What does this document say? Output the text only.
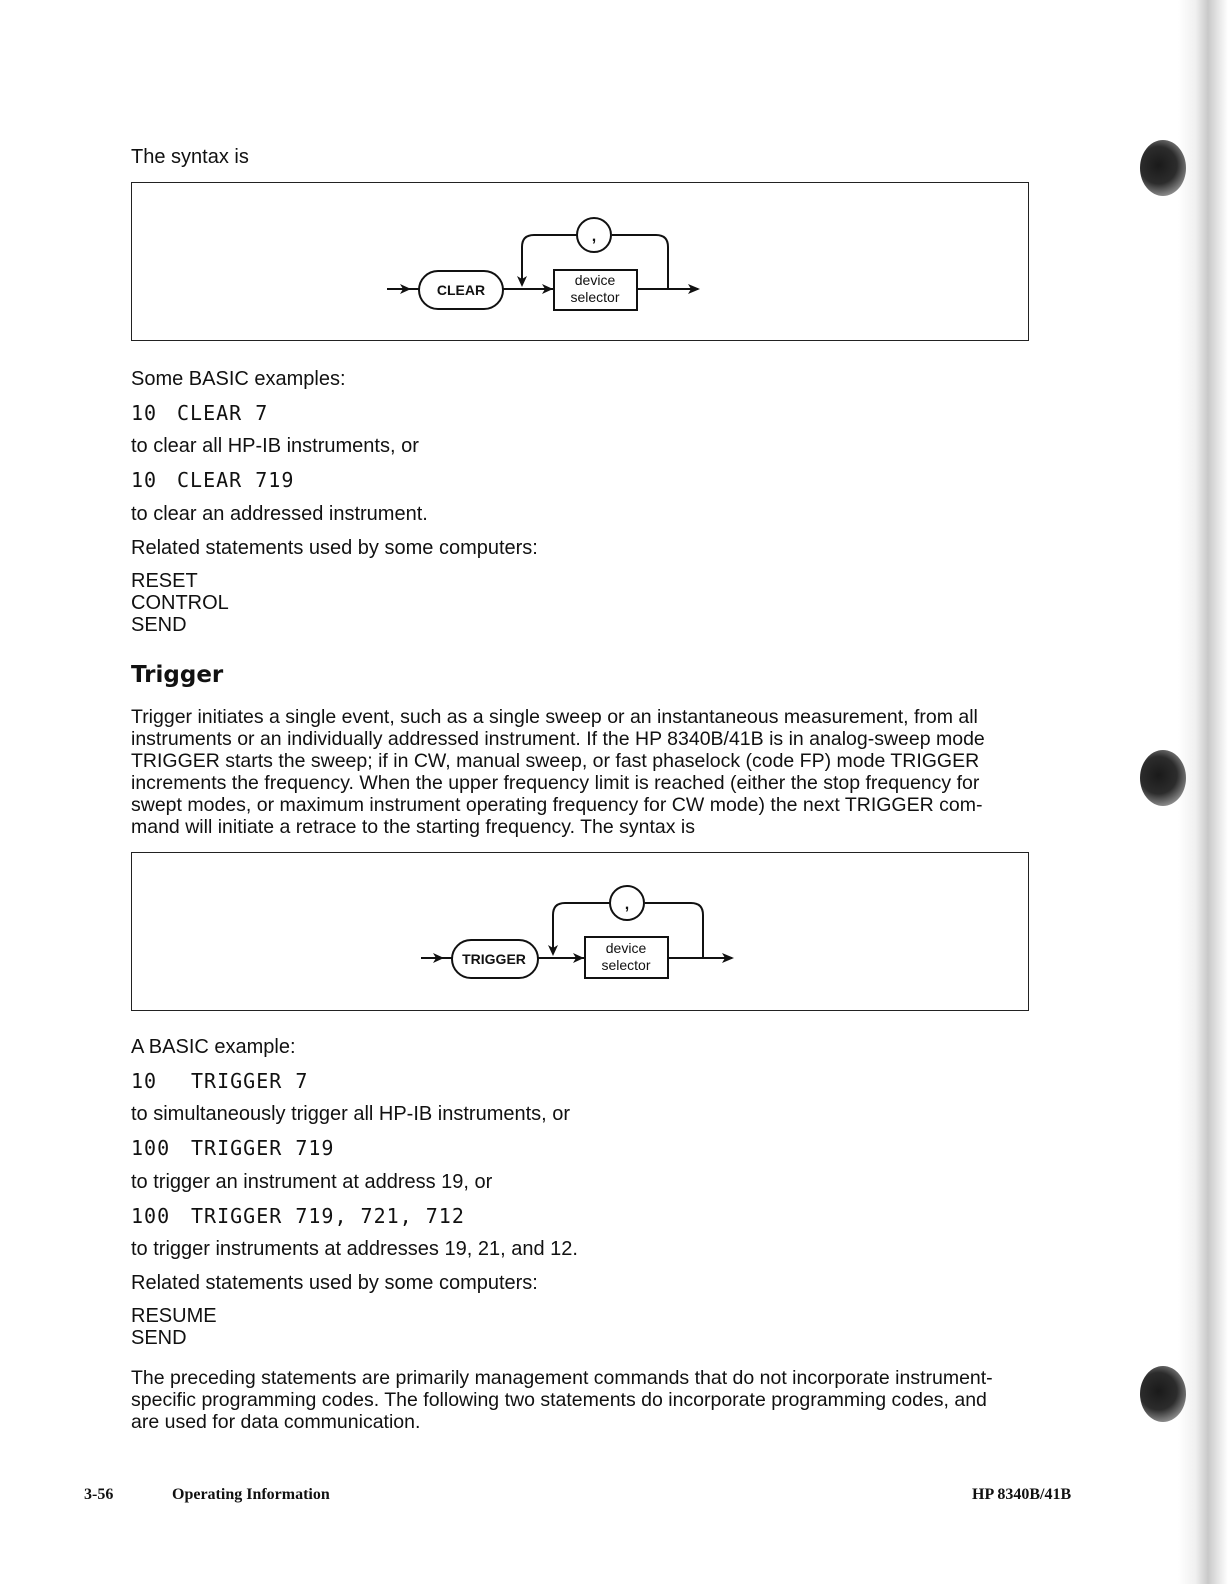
The syntax is
CLEAR
,
device
selector
Some BASIC examples:
10 CLEAR 7
to clear all HP-IB instruments, or
10 CLEAR 719
to clear an addressed instrument.
Related statements used by some computers:
RESET
CONTROL
SEND
Trigger
Trigger initiates a single event, such as a single sweep or an instantaneous measurement, from all
instruments or an individually addressed instrument. If the HP 8340B/41B is in analog-sweep mode
TRIGGER starts the sweep; if in CW, manual sweep, or fast phaselock (code FP) mode TRIGGER
increments the frequency. When the upper frequency limit is reached (either the stop frequency for
swept modes, or maximum instrument operating frequency for CW mode) the next TRIGGER com-
mand will initiate a retrace to the starting frequency. The syntax is
TRIGGER
,
device
selector
A BASIC example:
10 TRIGGER 7
to simultaneously trigger all HP-IB instruments, or
100 TRIGGER 719
to trigger an instrument at address 19, or
100 TRIGGER 719, 721, 712
to trigger instruments at addresses 19, 21, and 12.
Related statements used by some computers:
RESUME
SEND
The preceding statements are primarily management commands that do not incorporate instrument-
specific programming codes. The following two statements do incorporate programming codes, and
are used for data communication.
3-56	Operating Information	HP 8340B/41B
